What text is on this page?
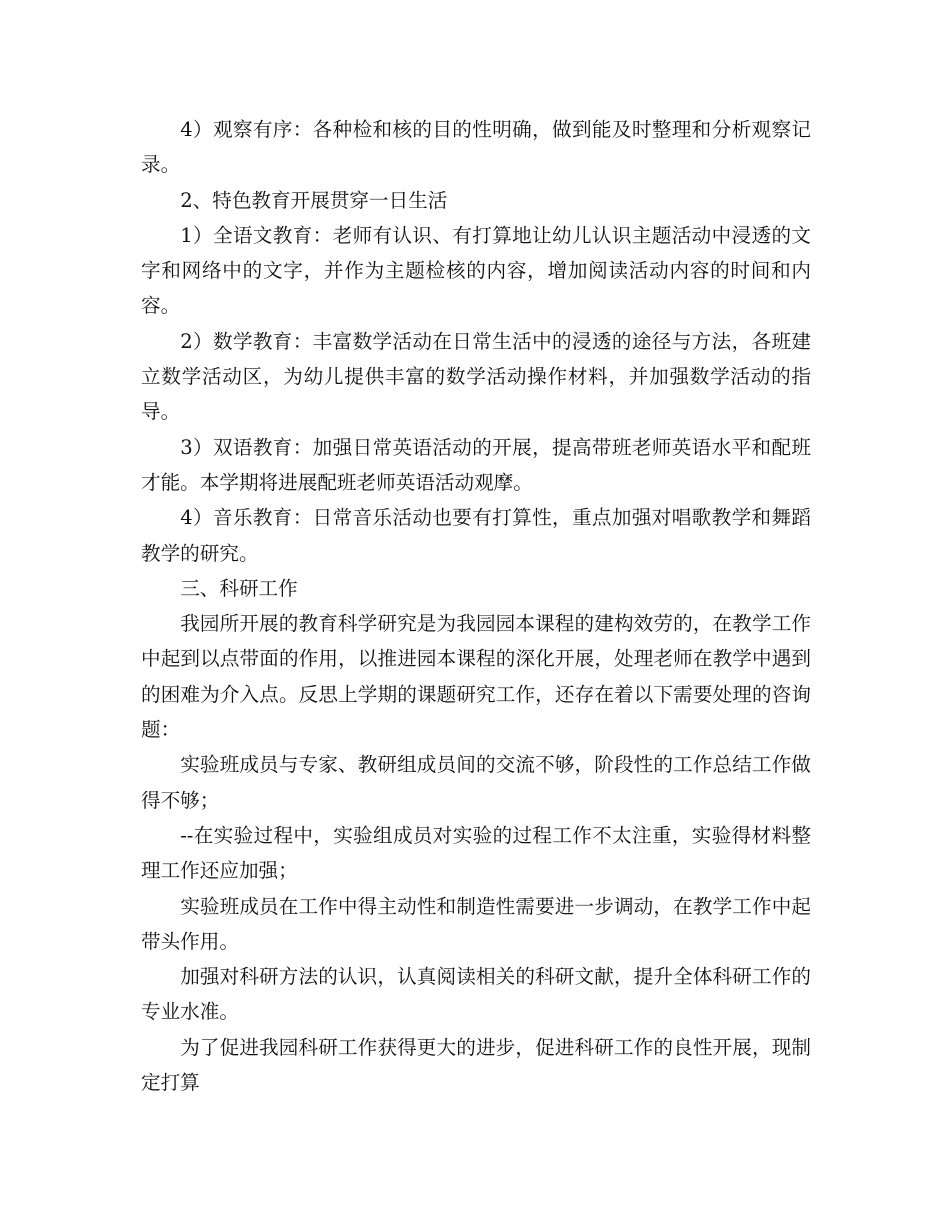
4）观察有序：各种检和核的目的性明确，做到能及时整理和分析观察记录。

2、特色教育开展贯穿一日生活

1）全语文教育：老师有认识、有打算地让幼儿认识主题活动中浸透的文字和网络中的文字，并作为主题检核的内容，增加阅读活动内容的时间和内容。

2）数学教育：丰富数学活动在日常生活中的浸透的途径与方法，各班建立数学活动区，为幼儿提供丰富的数学活动操作材料，并加强数学活动的指导。

3）双语教育：加强日常英语活动的开展，提高带班老师英语水平和配班才能。本学期将进展配班老师英语活动观摩。

4）音乐教育：日常音乐活动也要有打算性，重点加强对唱歌教学和舞蹈教学的研究。

三、科研工作

我园所开展的教育科学研究是为我园园本课程的建构效劳的，在教学工作中起到以点带面的作用，以推进园本课程的深化开展，处理老师在教学中遇到的困难为介入点。反思上学期的课题研究工作，还存在着以下需要处理的咨询题：

实验班成员与专家、教研组成员间的交流不够，阶段性的工作总结工作做得不够；

--在实验过程中，实验组成员对实验的过程工作不太注重，实验得材料整理工作还应加强；

实验班成员在工作中得主动性和制造性需要进一步调动，在教学工作中起带头作用。

加强对科研方法的认识，认真阅读相关的科研文献，提升全体科研工作的专业水准。

为了促进我园科研工作获得更大的进步，促进科研工作的良性开展，现制定打算
